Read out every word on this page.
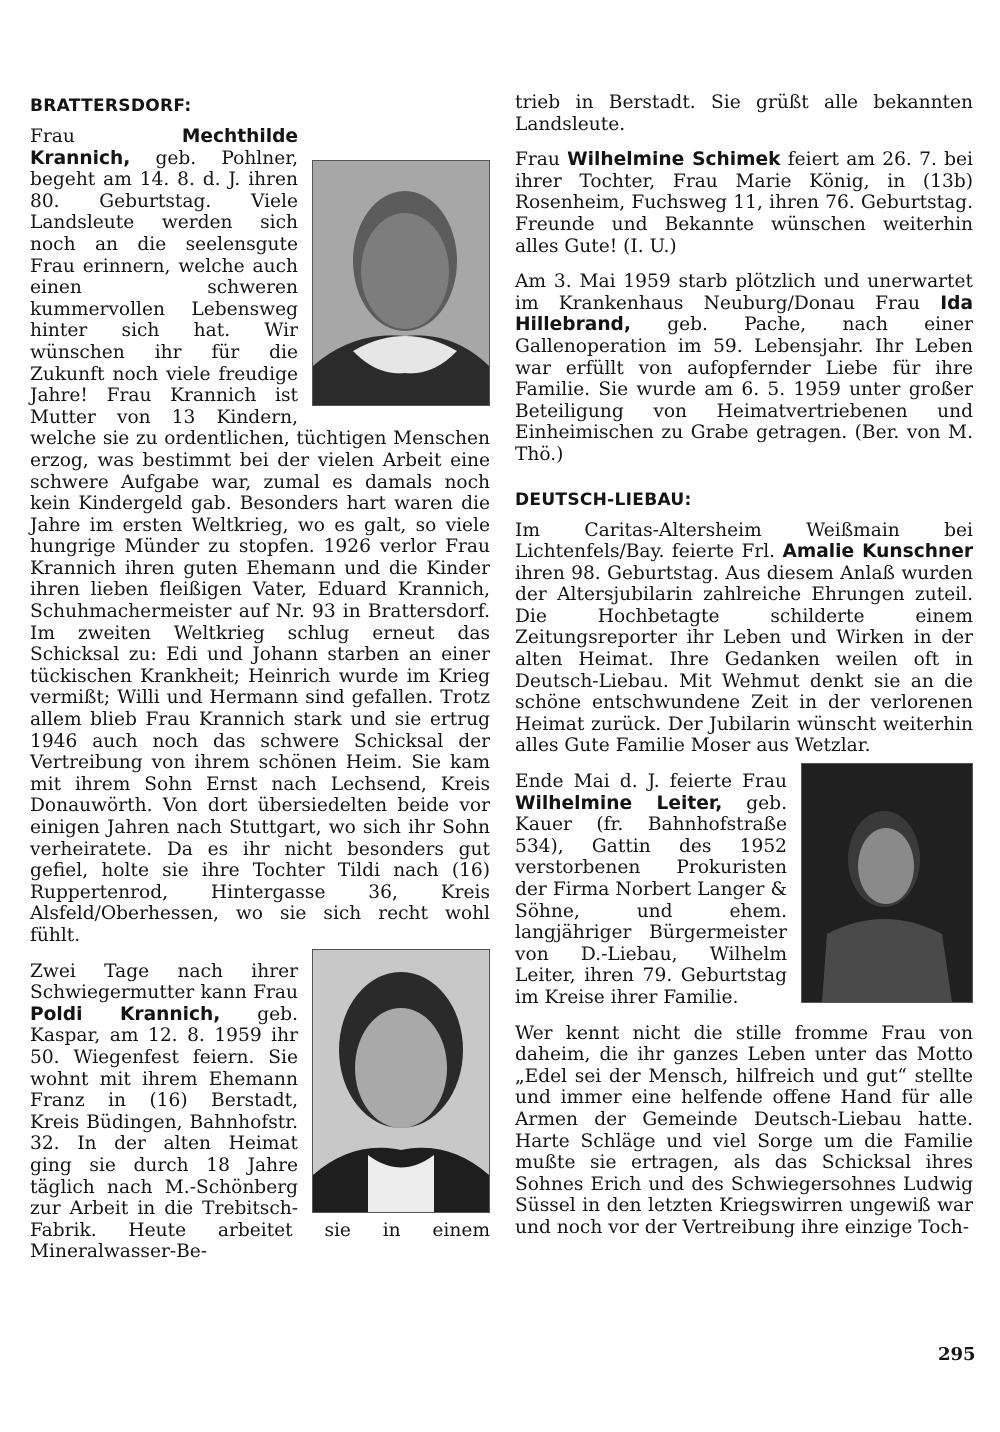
BRATTERSDORF:

Frau Mechthilde Krannich, geb. Pohlner, begeht am 14. 8. d. J. ihren 80. Geburtstag. Viele Landsleute werden sich noch an die seelensgute Frau erinnern, welche auch einen schweren kummervollen Lebensweg hinter sich hat. Wir wünschen ihr für die Zukunft noch viele freudige Jahre! Frau Krannich ist Mutter von 13 Kindern, welche sie zu ordentlichen, tüchtigen Menschen erzog, was bestimmt bei der vielen Arbeit eine schwere Aufgabe war, zumal es damals noch kein Kindergeld gab. Besonders hart waren die Jahre im ersten Weltkrieg, wo es galt, so viele hungrige Münder zu stopfen. 1926 verlor Frau Krannich ihren guten Ehemann und die Kinder ihren lieben fleißigen Vater, Eduard Krannich, Schuhmachermeister auf Nr. 93 in Brattersdorf. Im zweiten Weltkrieg schlug erneut das Schicksal zu: Edi und Johann starben an einer tückischen Krankheit; Heinrich wurde im Krieg vermißt; Willi und Hermann sind gefallen. Trotz allem blieb Frau Krannich stark und sie ertrug 1946 auch noch das schwere Schicksal der Vertreibung von ihrem schönen Heim. Sie kam mit ihrem Sohn Ernst nach Lechsend, Kreis Donauwörth. Von dort übersiedelten beide vor einigen Jahren nach Stuttgart, wo sich ihr Sohn verheiratete. Da es ihr nicht besonders gut gefiel, holte sie ihre Tochter Tildi nach (16) Ruppertenrod, Hintergasse 36, Kreis Alsfeld/Oberhessen, wo sie sich recht wohl fühlt.

Zwei Tage nach ihrer Schwiegermutter kann Frau Poldi Krannich, geb. Kaspar, am 12. 8. 1959 ihr 50. Wiegenfest feiern. Sie wohnt mit ihrem Ehemann Franz in (16) Berstadt, Kreis Büdingen, Bahnhofstr. 32. In der alten Heimat ging sie durch 18 Jahre täglich nach M.-Schönberg zur Arbeit in die Trebitsch-Fabrik. Heute arbeitet sie in einem Mineralwasser-Be-

trieb in Berstadt. Sie grüßt alle bekannten Landsleute.

Frau Wilhelmine Schimek feiert am 26. 7. bei ihrer Tochter, Frau Marie König, in (13b) Rosenheim, Fuchsweg 11, ihren 76. Geburtstag. Freunde und Bekannte wünschen weiterhin alles Gute! (I. U.)

Am 3. Mai 1959 starb plötzlich und unerwartet im Krankenhaus Neuburg/Donau Frau Ida Hillebrand, geb. Pache, nach einer Gallenoperation im 59. Lebensjahr. Ihr Leben war erfüllt von aufopfernder Liebe für ihre Familie. Sie wurde am 6. 5. 1959 unter großer Beteiligung von Heimatvertriebenen und Einheimischen zu Grabe getragen. (Ber. von M. Thö.)

DEUTSCH-LIEBAU:

Im Caritas-Altersheim Weißmain bei Lichtenfels/Bay. feierte Frl. Amalie Kunschner ihren 98. Geburtstag. Aus diesem Anlaß wurden der Altersjubilarin zahlreiche Ehrungen zuteil. Die Hochbetagte schilderte einem Zeitungsreporter ihr Leben und Wirken in der alten Heimat. Ihre Gedanken weilen oft in Deutsch-Liebau. Mit Wehmut denkt sie an die schöne entschwundene Zeit in der verlorenen Heimat zurück. Der Jubilarin wünscht weiterhin alles Gute Familie Moser aus Wetzlar.

Ende Mai d. J. feierte Frau Wilhelmine Leiter, geb. Kauer (fr. Bahnhofstraße 534), Gattin des 1952 verstorbenen Prokuristen der Firma Norbert Langer & Söhne, und ehem. langjähriger Bürgermeister von D.-Liebau, Wilhelm Leiter, ihren 79. Geburtstag im Kreise ihrer Familie.

Wer kennt nicht die stille fromme Frau von daheim, die ihr ganzes Leben unter das Motto „Edel sei der Mensch, hilfreich und gut“ stellte und immer eine helfende offene Hand für alle Armen der Gemeinde Deutsch-Liebau hatte. Harte Schläge und viel Sorge um die Familie mußte sie ertragen, als das Schicksal ihres Sohnes Erich und des Schwiegersohnes Ludwig Süssel in den letzten Kriegswirren ungewiß war und noch vor der Vertreibung ihre einzige Toch-

295
